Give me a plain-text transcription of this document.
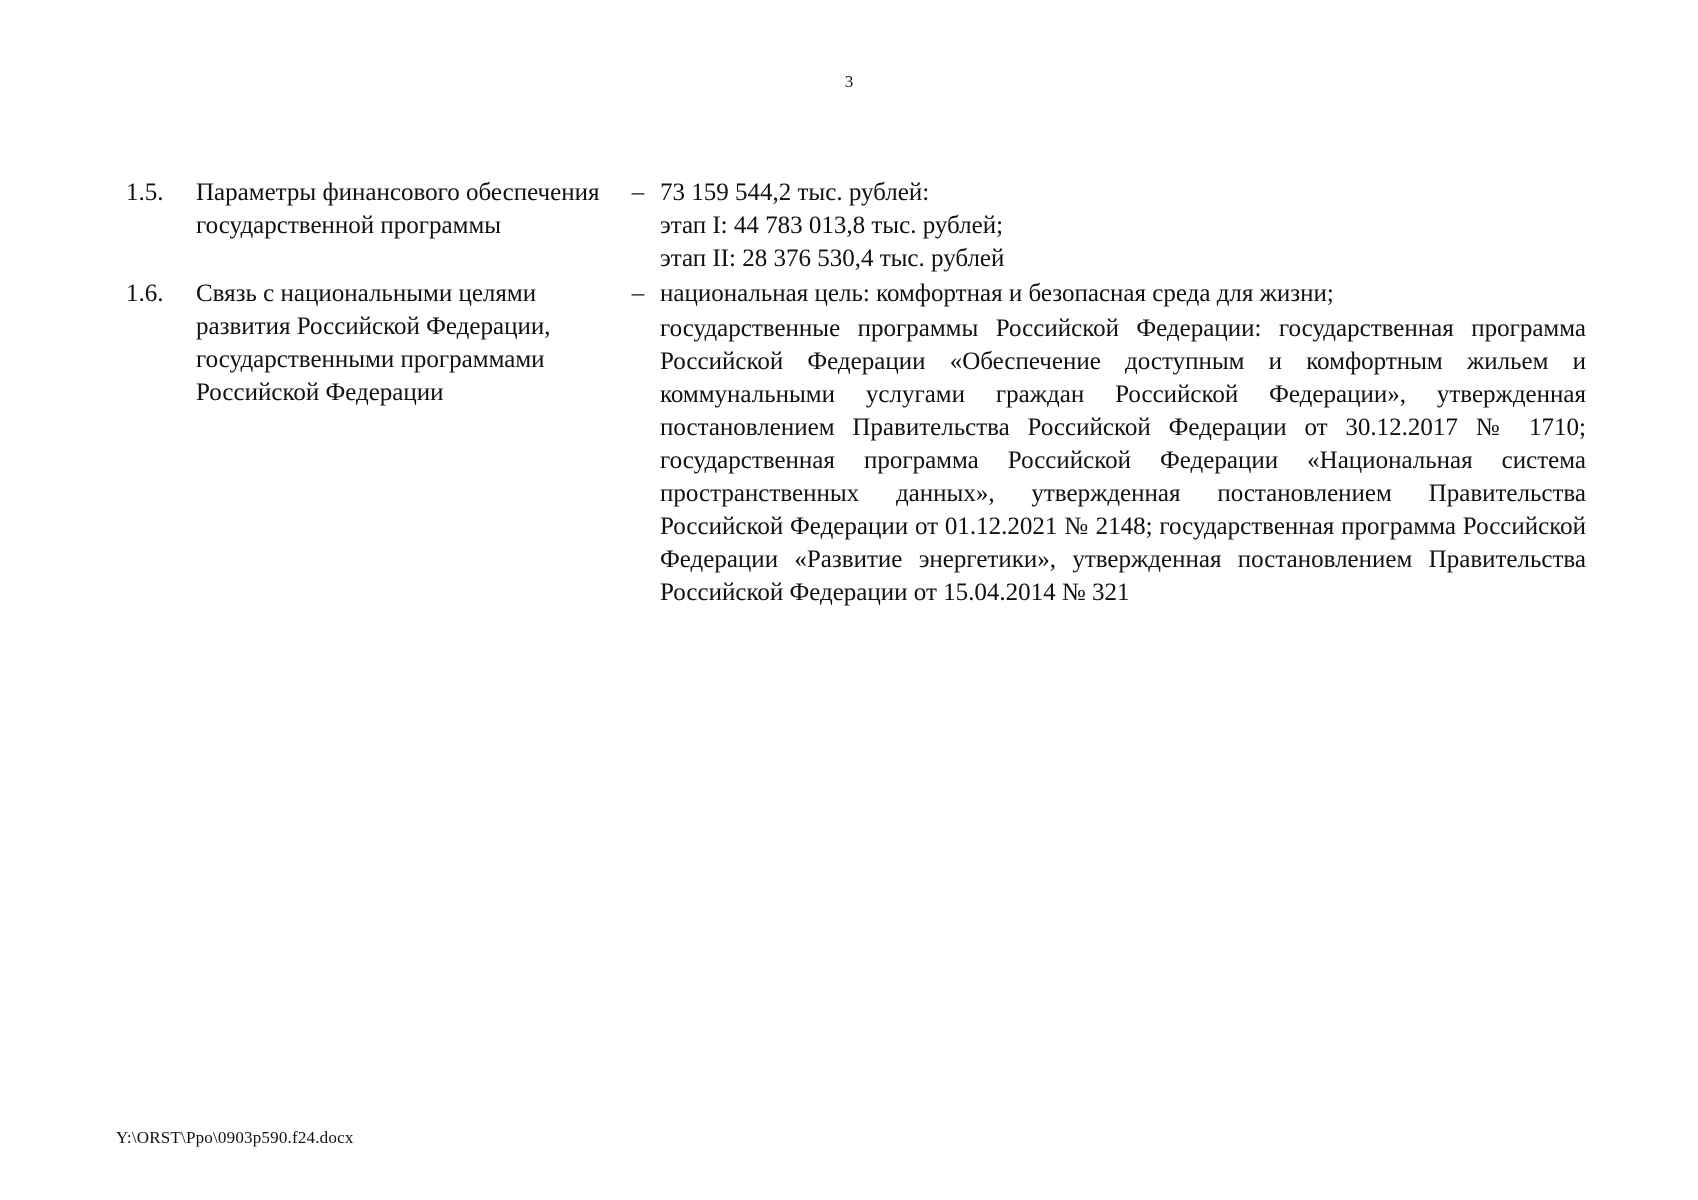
3
1.5.	Параметры финансового обеспечения государственной программы
– 73 159 544,2 тыс. рублей:

этап I: 44 783 013,8 тыс. рублей;

этап II: 28 376 530,4 тыс. рублей

1.6.	Связь с национальными целями развития Российской Федерации, государственными программами Российской Федерации
– национальная цель: комфортная и безопасная среда для жизни;

государственные программы Российской Федерации: государственная программа Российской Федерации «Обеспечение доступным и комфортным жильем и коммунальными услугами граждан Российской Федерации», утвержденная постановлением Правительства Российской Федерации от 30.12.2017 № 1710; государственная программа Российской Федерации «Национальная система пространственных данных», утвержденная постановлением Правительства Российской Федерации от 01.12.2021 № 2148; государственная программа Российской Федерации «Развитие энергетики», утвержденная постановлением Правительства Российской Федерации от 15.04.2014 № 321

Y:\ORST\Ppo\0903p590.f24.docx
